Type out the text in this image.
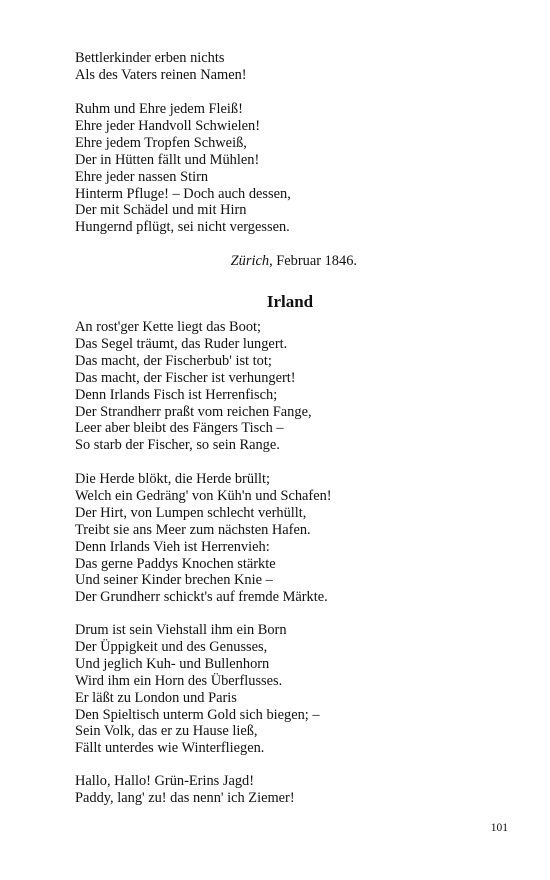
Bettlerkinder erben nichts
Als des Vaters reinen Namen!
Ruhm und Ehre jedem Fleiß!
Ehre jeder Handvoll Schwielen!
Ehre jedem Tropfen Schweiß,
Der in Hütten fällt und Mühlen!
Ehre jeder nassen Stirn
Hinterm Pfluge! – Doch auch dessen,
Der mit Schädel und mit Hirn
Hungernd pflügt, sei nicht vergessen.
Zürich, Februar 1846.
Irland
An rost'ger Kette liegt das Boot;
Das Segel träumt, das Ruder lungert.
Das macht, der Fischerbub' ist tot;
Das macht, der Fischer ist verhungert!
Denn Irlands Fisch ist Herrenfisch;
Der Strandherr praßt vom reichen Fange,
Leer aber bleibt des Fängers Tisch –
So starb der Fischer, so sein Range.
Die Herde blökt, die Herde brüllt;
Welch ein Gedräng' von Küh'n und Schafen!
Der Hirt, von Lumpen schlecht verhüllt,
Treibt sie ans Meer zum nächsten Hafen.
Denn Irlands Vieh ist Herrenvieh:
Das gerne Paddys Knochen stärkte
Und seiner Kinder brechen Knie –
Der Grundherr schickt's auf fremde Märkte.
Drum ist sein Viehstall ihm ein Born
Der Üppigkeit und des Genusses,
Und jeglich Kuh- und Bullenhorn
Wird ihm ein Horn des Überflusses.
Er läßt zu London und Paris
Den Spieltisch unterm Gold sich biegen; –
Sein Volk, das er zu Hause ließ,
Fällt unterdes wie Winterfliegen.
Hallo, Hallo! Grün-Erins Jagd!
Paddy, lang' zu! das nenn' ich Ziemer!
101
